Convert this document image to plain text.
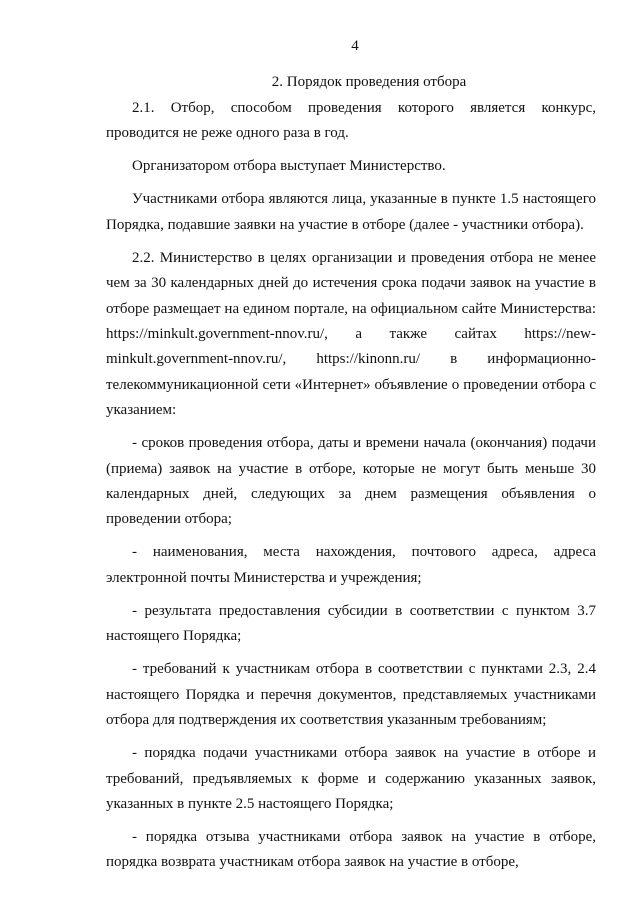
4
2. Порядок проведения отбора

2.1. Отбор, способом проведения которого является конкурс, проводится не реже одного раза в год.

Организатором отбора выступает Министерство.

Участниками отбора являются лица, указанные в пункте 1.5 настоящего Порядка, подавшие заявки на участие в отборе (далее - участники отбора).

2.2. Министерство в целях организации и проведения отбора не менее чем за 30 календарных дней до истечения срока подачи заявок на участие в отборе размещает на едином портале, на официальном сайте Министерства: https://minkult.government-nnov.ru/, а также сайтах https://new-minkult.government-nnov.ru/, https://kinonn.ru/ в информационно-телекоммуникационной сети «Интернет» объявление о проведении отбора с указанием:

- сроков проведения отбора, даты и времени начала (окончания) подачи (приема) заявок на участие в отборе, которые не могут быть меньше 30 календарных дней, следующих за днем размещения объявления о проведении отбора;

- наименования, места нахождения, почтового адреса, адреса электронной почты Министерства и учреждения;

- результата предоставления субсидии в соответствии с пунктом 3.7 настоящего Порядка;

- требований к участникам отбора в соответствии с пунктами 2.3, 2.4 настоящего Порядка и перечня документов, представляемых участниками отбора для подтверждения их соответствия указанным требованиям;

- порядка подачи участниками отбора заявок на участие в отборе и требований, предъявляемых к форме и содержанию указанных заявок, указанных в пункте 2.5 настоящего Порядка;

- порядка отзыва участниками отбора заявок на участие в отборе, порядка возврата участникам отбора заявок на участие в отборе,
